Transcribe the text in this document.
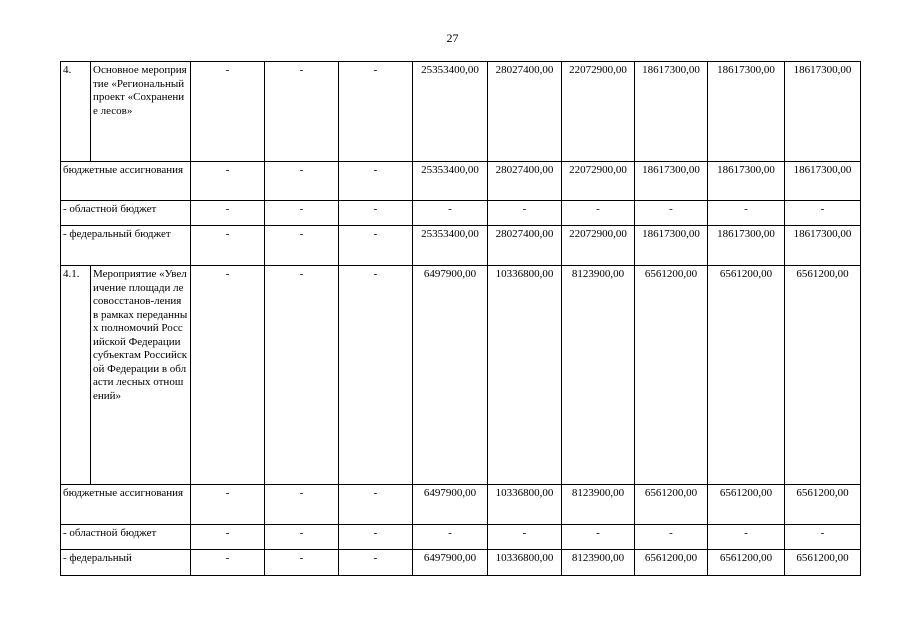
27
4.	Основное мероприятие «Региональный проект «Сохранение лесов»	-	-	-	25353400,00	28027400,00	22072900,00	18617300,00	18617300,00	18617300,00
бюджетные ассигнования		-	-	-	25353400,00	28027400,00	22072900,00	18617300,00	18617300,00	18617300,00
- областной бюджет		-	-	-	-	-	-	-	-	-
- федеральный бюджет		-	-	-	25353400,00	28027400,00	22072900,00	18617300,00	18617300,00	18617300,00
4.1.	Мероприятие «Увеличение площади лесовосстанов-ления в рамках переданных полномочий Российской Федерации субъектам Российской Федерации в области лесных отношений»	-	-	-	6497900,00	10336800,00	8123900,00	6561200,00	6561200,00	6561200,00
бюджетные ассигнования		-	-	-	6497900,00	10336800,00	8123900,00	6561200,00	6561200,00	6561200,00
- областной бюджет		-	-	-	-	-	-	-	-	-
- федеральный		-	-	-	6497900,00	10336800,00	8123900,00	6561200,00	6561200,00	6561200,00
